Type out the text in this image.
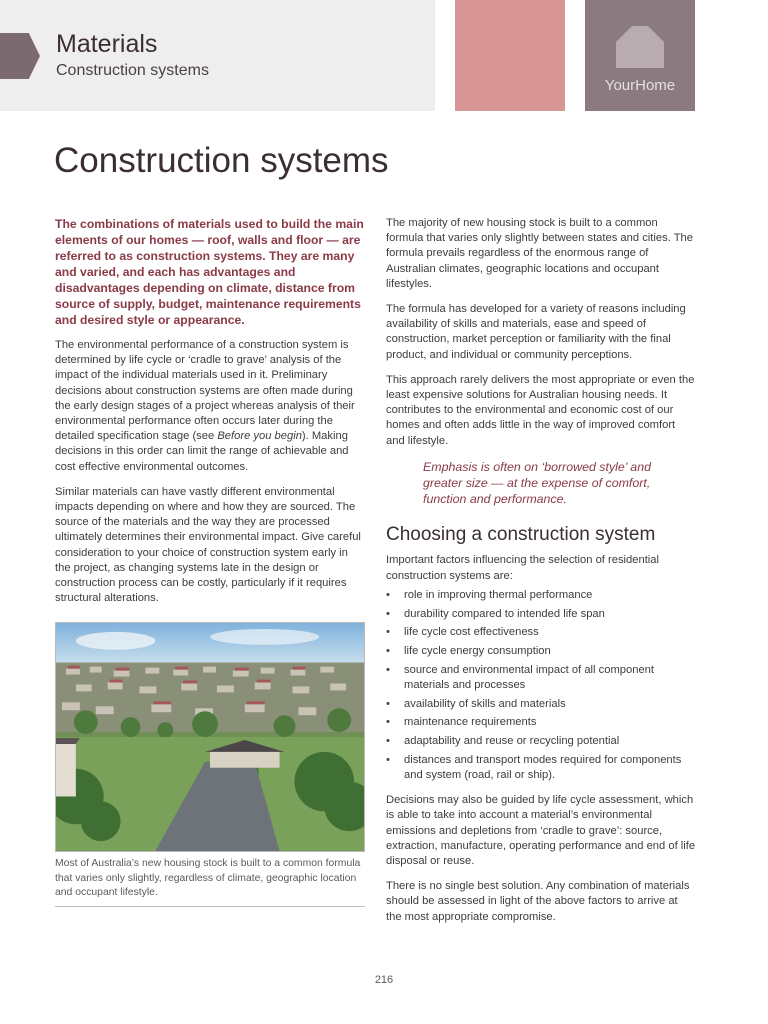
Materials
Construction systems
YourHome
Construction systems

The combinations of materials used to build the main elements of our homes — roof, walls and floor — are referred to as construction systems. They are many and varied, and each has advantages and disadvantages depending on climate, distance from source of supply, budget, maintenance requirements and desired style or appearance.

The environmental performance of a construction system is determined by life cycle or ‘cradle to grave’ analysis of the impact of the individual materials used in it. Preliminary decisions about construction systems are often made during the early design stages of a project whereas analysis of their environmental performance often occurs later during the detailed specification stage (see Before you begin). Making decisions in this order can limit the range of achievable and cost effective environmental outcomes.

Similar materials can have vastly different environmental impacts depending on where and how they are sourced. The source of the materials and the way they are processed ultimately determines their environmental impact. Give careful consideration to your choice of construction system early in the project, as changing systems late in the design or construction process can be costly, particularly if it requires structural alterations.

Most of Australia’s new housing stock is built to a common formula that varies only slightly, regardless of climate, geographic location and occupant lifestyle.

The majority of new housing stock is built to a common formula that varies only slightly between states and cities. The formula prevails regardless of the enormous range of Australian climates, geographic locations and occupant lifestyles.

The formula has developed for a variety of reasons including availability of skills and materials, ease and speed of construction, market perception or familiarity with the final product, and individual or community perceptions.

This approach rarely delivers the most appropriate or even the least expensive solutions for Australian housing needs. It contributes to the environmental and economic cost of our homes and often adds little in the way of improved comfort and lifestyle.

Emphasis is often on ‘borrowed style’ and greater size — at the expense of comfort, function and performance.
Choosing a construction system

Important factors influencing the selection of residential construction systems are:

• role in improving thermal performance
• durability compared to intended life span
• life cycle cost effectiveness
• life cycle energy consumption
• source and environmental impact of all component materials and processes
• availability of skills and materials
• maintenance requirements
• adaptability and reuse or recycling potential
• distances and transport modes required for components and system (road, rail or ship).

Decisions may also be guided by life cycle assessment, which is able to take into account a material’s environmental emissions and depletions from ‘cradle to grave’: source, extraction, manufacture, operating performance and end of life disposal or reuse.

There is no single best solution. Any combination of materials should be assessed in light of the above factors to arrive at the most appropriate compromise.

216
